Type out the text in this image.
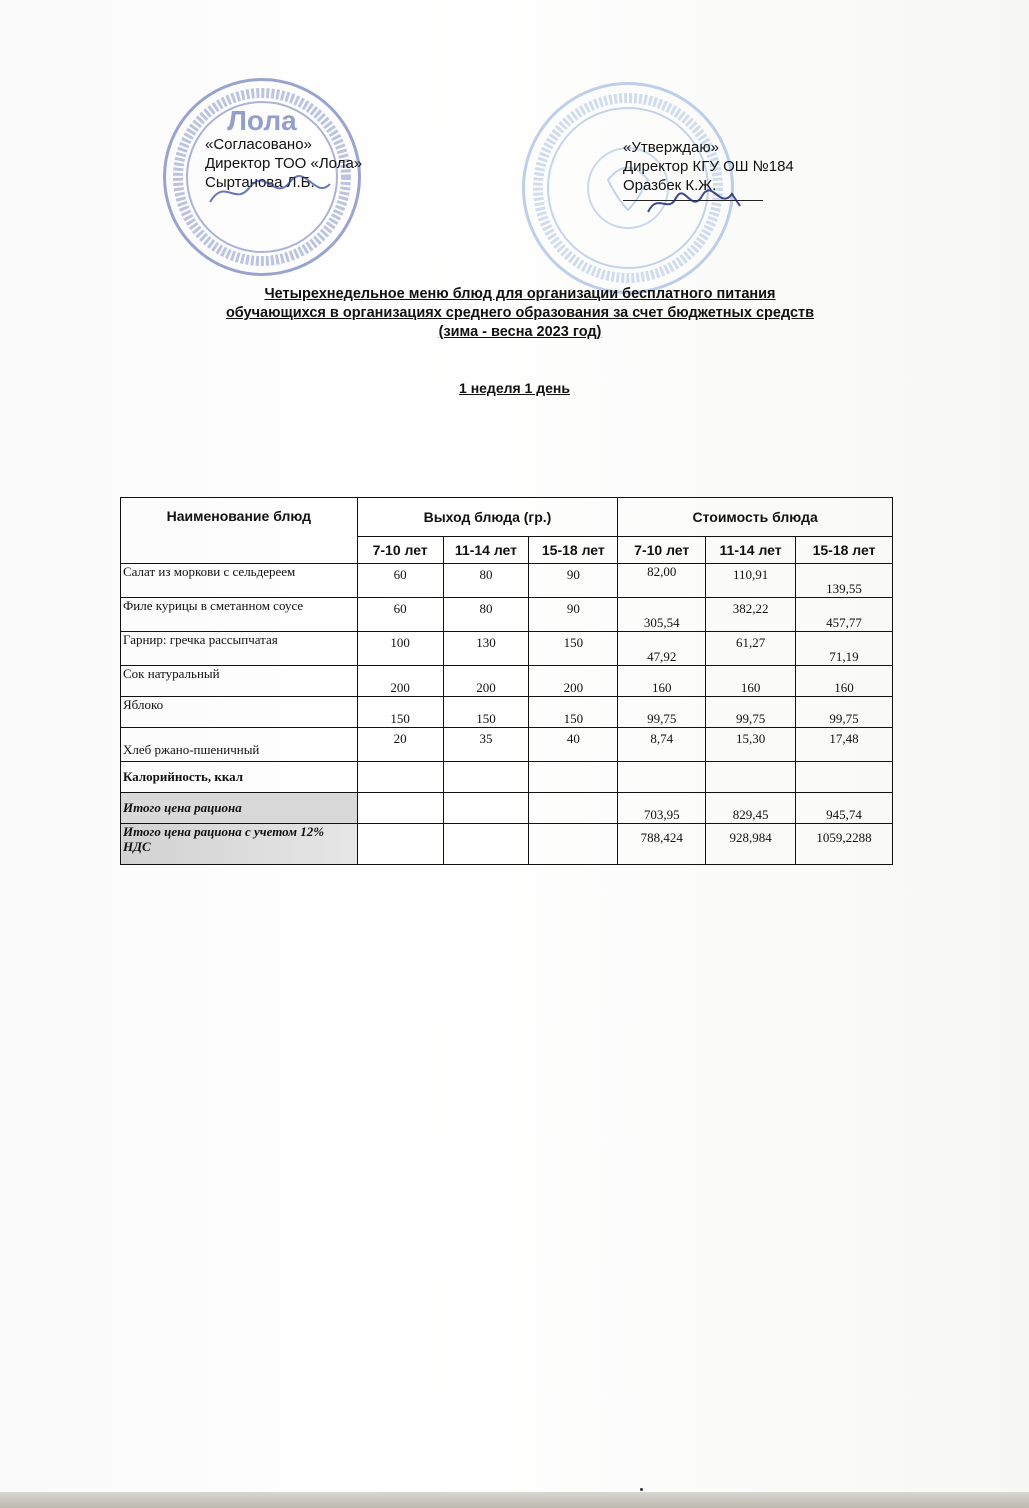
Лола
«Согласовано»
Директор ТОО «Лола»
Сыртанова Л.Б.
«Утверждаю»
Директор КГУ ОШ №184
Оразбек К.Ж.
Четырехнедельное меню блюд для организации бесплатного питания
обучающихся в организациях среднего образования за счет бюджетных средств
(зима - весна 2023 год)
1 неделя 1 день
Наименование блюд	Выход блюда (гр.)			Стоимость блюда		
	7-10 лет	11-14 лет	15-18 лет	7-10 лет	11-14 лет	15-18 лет
Салат из моркови с сельдереем	60	80	90	82,00	110,91	139,55
Филе курицы в сметанном соусе	60	80	90	305,54	382,22	457,77
Гарнир: гречка рассыпчатая	100	130	150	47,92	61,27	71,19
Сок натуральный	200	200	200	160	160	160
Яблоко	150	150	150	99,75	99,75	99,75
Хлеб ржано-пшеничный	20	35	40	8,74	15,30	17,48
Калорийность, ккал						
Итого цена рациона				703,95	829,45	945,74
Итого цена рациона с учетом 12% НДС				788,424	928,984	1059,2288
